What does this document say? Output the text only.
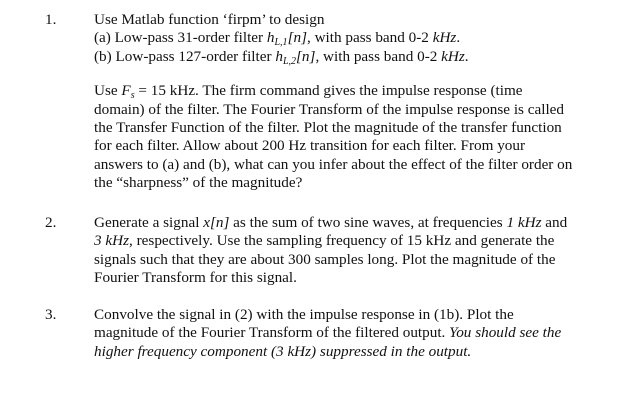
1. Use Matlab function ‘firpm’ to design
(a) Low-pass 31-order filter $h_{L,1}[n]$, with pass band 0-2 kHz.
(b) Low-pass 127-order filter $h_{L,2}[n]$, with pass band 0-2 kHz.
Use $F_s = 15$ kHz. The firm command gives the impulse response (time
domain) of the filter. The Fourier Transform of the impulse response is called
the Transfer Function of the filter. Plot the magnitude of the transfer function
for each filter. Allow about 200 Hz transition for each filter. From your
answers to (a) and (b), what can you infer about the effect of the filter order on
the “sharpness” of the magnitude?
2. Generate a signal x[n] as the sum of two sine waves, at frequencies 1 kHz and
3 kHz, respectively. Use the sampling frequency of 15 kHz and generate the
signals such that they are about 300 samples long. Plot the magnitude of the
Fourier Transform for this signal.
3. Convolve the signal in (2) with the impulse response in (1b). Plot the
magnitude of the Fourier Transform of the filtered output. You should see the
higher frequency component (3 kHz) suppressed in the output.
